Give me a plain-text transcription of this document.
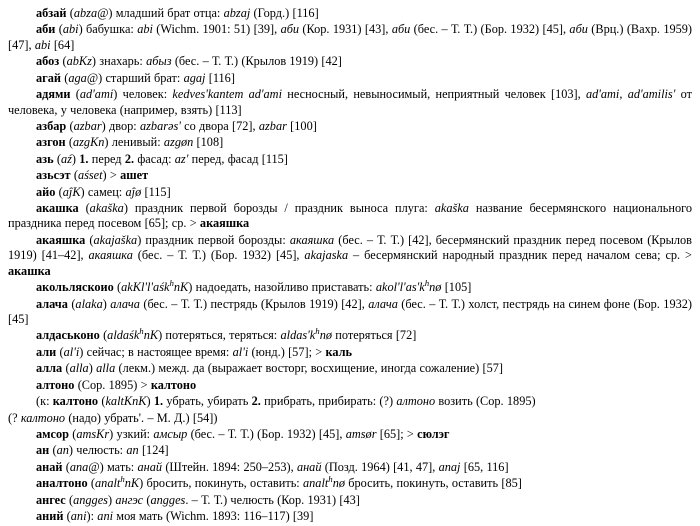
абзай (abza@) младший брат отца: abzaj (Горд.) [116]

аби (abi) бабушка: abi (Wichm. 1901: 51) [39], аби (Кор. 1931) [43], аби (бес. – Т. Т.) (Бор. 1932) [45], аби (Врц.) (Вахр. 1959) [47], abi [64]

абоз (abKz) знахарь: абыз (бес. – Т. Т.) (Крылов 1919) [42]

агай (aga@) старший брат: agaj [116]

адями (ad'ami) человек: kedves'kantem ad'ami несносный, невыносимый, неприятный человек [103], ad'ami, ad'amilis' от человека, у человека (например, взять) [113]

азбар (azbar) двор: azbarəs' со двора [72], azbar [100]

азгон (azgKn) ленивый: azgøn [108]

азь (aź) 1. перед 2. фасад: az' перед, фасад [115]

азьсэт (aśset) > ашет

айо (aĵK) самец: aĵø [115]

акашка (akaška) праздник первой борозды / праздник выноса плуга: akaška название бесермянского национального праздника перед посевом [65]; ср. > акаяшка

акаяшка (akajaška) праздник первой борозды: акаяшка (бес. – Т. Т.) [42], бесермянский праздник перед посевом (Крылов 1919) [41–42], акаяшка (бес. – Т. Т.) (Бор. 1932) [45], akajaska – бесермянский народный праздник перед началом сева; ср. > акашка

акольляскоио (akKl'l'aśk$^h$nK) надоедать, назойливо приставать: $akol'l'as'k^hnø$ [105]

алача (alaka) алача (бес. – Т. Т.) пестрядь (Крылов 1919) [42], алача (бес. – Т. Т.) холст, пестрядь на синем фоне (Бор. 1932) [45]

алдаськоно (aldaśk$^h$nK) потеряться, теряться: $aldas'k^hnø$ потеряться [72]

али (al'i) сейчас; в настоящее время: al'i (юнд.) [57]; > каль

алла (alla) alla (лекм.) межд. да (выражает восторг, восхищение, иногда сожаление) [57]

алтоно (Сор. 1895) > калтоно

(к: калтоно (kaltKnK) 1. убрать, убирать 2. прибрать, прибирать: (?) алтоно возить (Сор. 1895)

(? калтоно (надо) убрать'. – М. Д.) [54])

амсор (amsKr) узкий: амсыр (бес. – Т. Т.) (Бор. 1932) [45], amsør [65]; > сюлэг

ан (an) челюсть: an [124]

анай (ana@) мать: анай (Штейн. 1894: 250–253), анай (Позд. 1964) [41, 47], anaj [65, 116]

аналтоно (analt$^h$nK) бросить, покинуть, оставить: analt$^h$nø бросить, покинуть, оставить [85]

ангес (angges) ангэс (angges. – Т. Т.) челюсть (Кор. 1931) [43]

аний (ani): ani моя мать (Wichm. 1893: 116–117) [39]
